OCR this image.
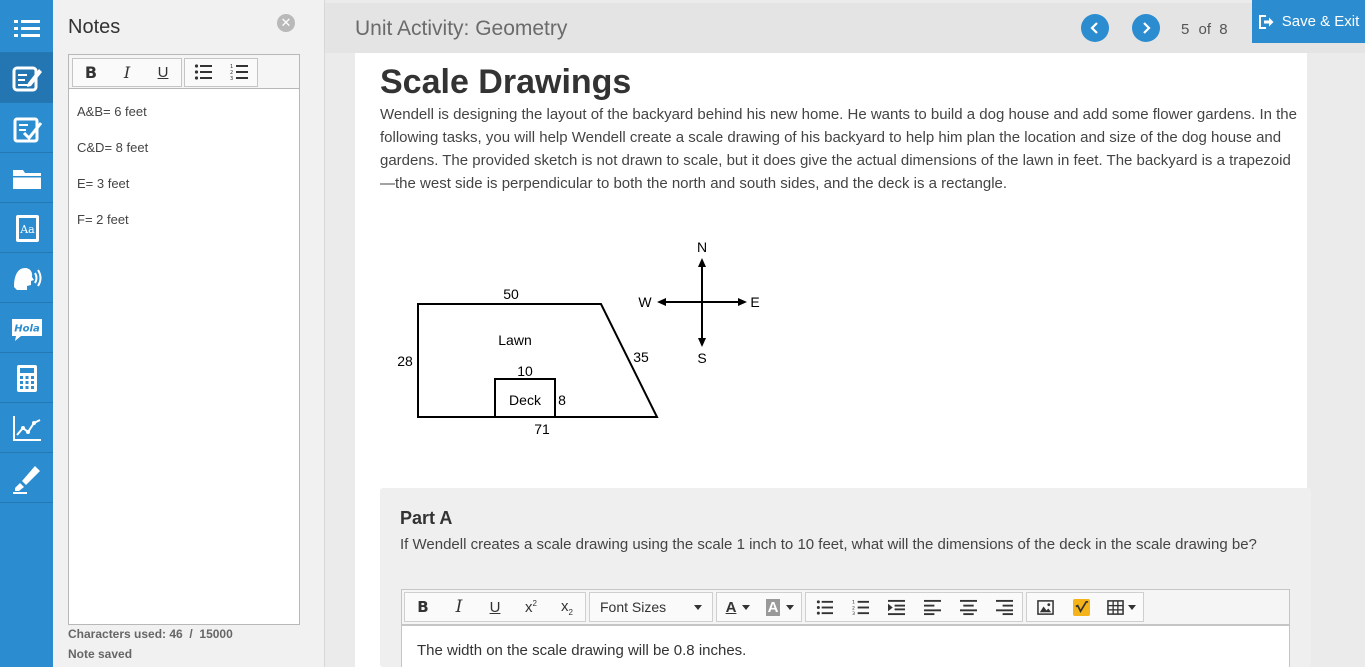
Aa
Hola
Notes	✕
B I U	1
2
3
A&B= 6 feet
C&D= 8 feet
E= 3 feet
F= 2 feet
Characters used: 46  /  15000
Note saved
Unit Activity: Geometry	5 of 8	Save & Exit
Scale Drawings
Wendell is designing the layout of the backyard behind his new home. He wants to build a dog house and add some flower gardens. In the following tasks, you will help Wendell create a scale drawing of his backyard to help him plan the location and size of the dog house and gardens. The provided sketch is not drawn to scale, but it does give the actual dimensions of the lawn in feet. The backyard is a trapezoid—the west side is perpendicular to both the north and south sides, and the deck is a rectangle.
50
28	35
71
Lawn
Deck
10
8
N
S
W	E
Part A
If Wendell creates a scale drawing using the scale 1 inch to 10 feet, what will the dimensions of the deck in the scale drawing be?
B I U $x^2$ $x_2$ Font Sizes	A A	1
2
3
The width on the scale drawing will be 0.8 inches.
